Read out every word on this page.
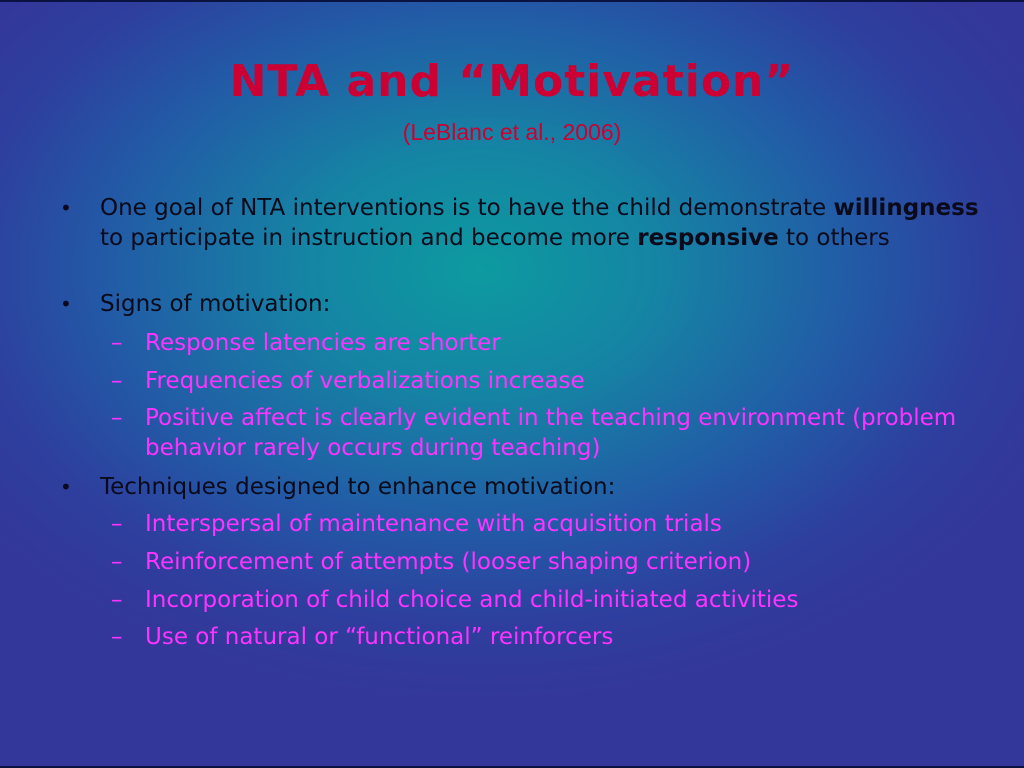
NTA and “Motivation”
(LeBlanc et al., 2006)
• One goal of NTA interventions is to have the child demonstrate willingness to participate in instruction and become more responsive to others

• Signs of motivation:

– Response latencies are shorter

– Frequencies of verbalizations increase

– Positive affect is clearly evident in the teaching environment (problem behavior rarely occurs during teaching)

• Techniques designed to enhance motivation:

– Interspersal of maintenance with acquisition trials

– Reinforcement of attempts (looser shaping criterion)

– Incorporation of child choice and child-initiated activities

– Use of natural or “functional” reinforcers
